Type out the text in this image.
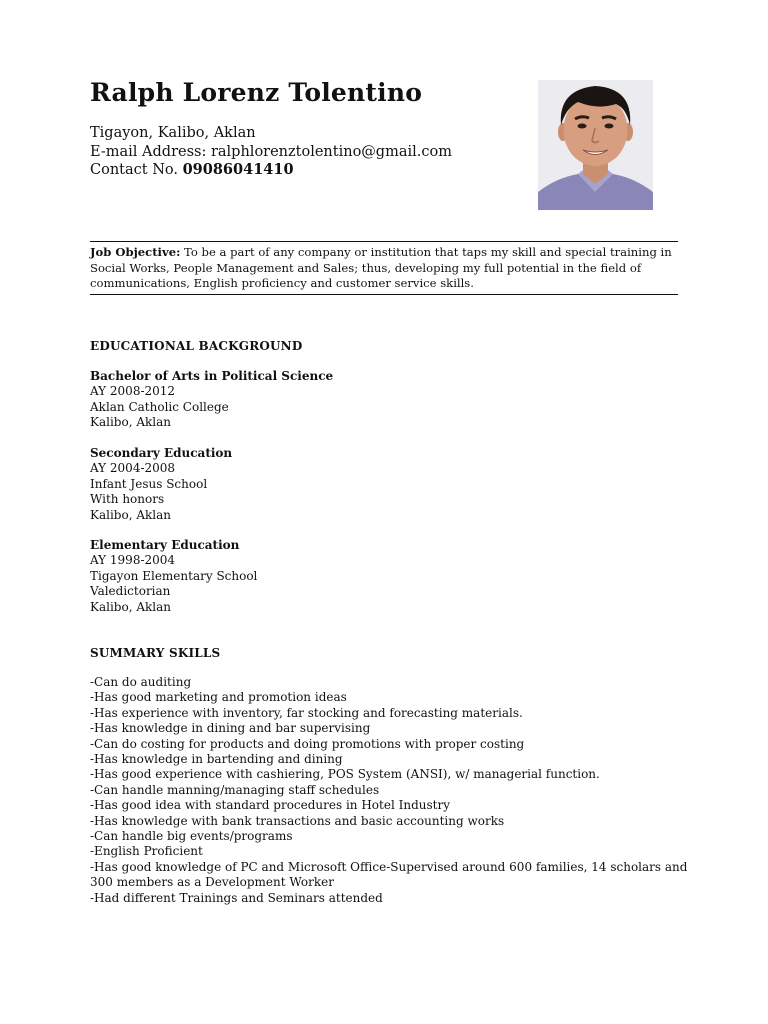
Ralph Lorenz Tolentino
Tigayon, Kalibo, Aklan
E-mail Address: ralphlorenztolentino@gmail.com
Contact No. 09086041410
Job Objective: To be a part of any company or institution that taps my skill and special training in Social Works, People Management and Sales; thus, developing my full potential in the field of communications, English proficiency and customer service skills.
EDUCATIONAL BACKGROUND
Bachelor of Arts in Political Science
AY 2008-2012
Aklan Catholic College
Kalibo, Aklan
Secondary Education
AY 2004-2008
Infant Jesus School
With honors
Kalibo, Aklan
Elementary Education
AY 1998-2004
Tigayon Elementary School
Valedictorian
Kalibo, Aklan
SUMMARY SKILLS
-Can do auditing
-Has good marketing and promotion ideas
-Has experience with inventory, far stocking and forecasting materials.
-Has knowledge in dining and bar supervising
-Can do costing for products and doing promotions with proper costing
-Has knowledge in bartending and dining
-Has good experience with cashiering, POS System (ANSI), w/ managerial function.
-Can handle manning/managing staff schedules
-Has good idea with standard procedures in Hotel Industry
-Has knowledge with bank transactions and basic accounting works
-Can handle big events/programs
-English Proficient
-Has good knowledge of PC and Microsoft Office-Supervised around 600 families, 14 scholars and 300 members as a Development Worker
-Had different Trainings and Seminars attended
